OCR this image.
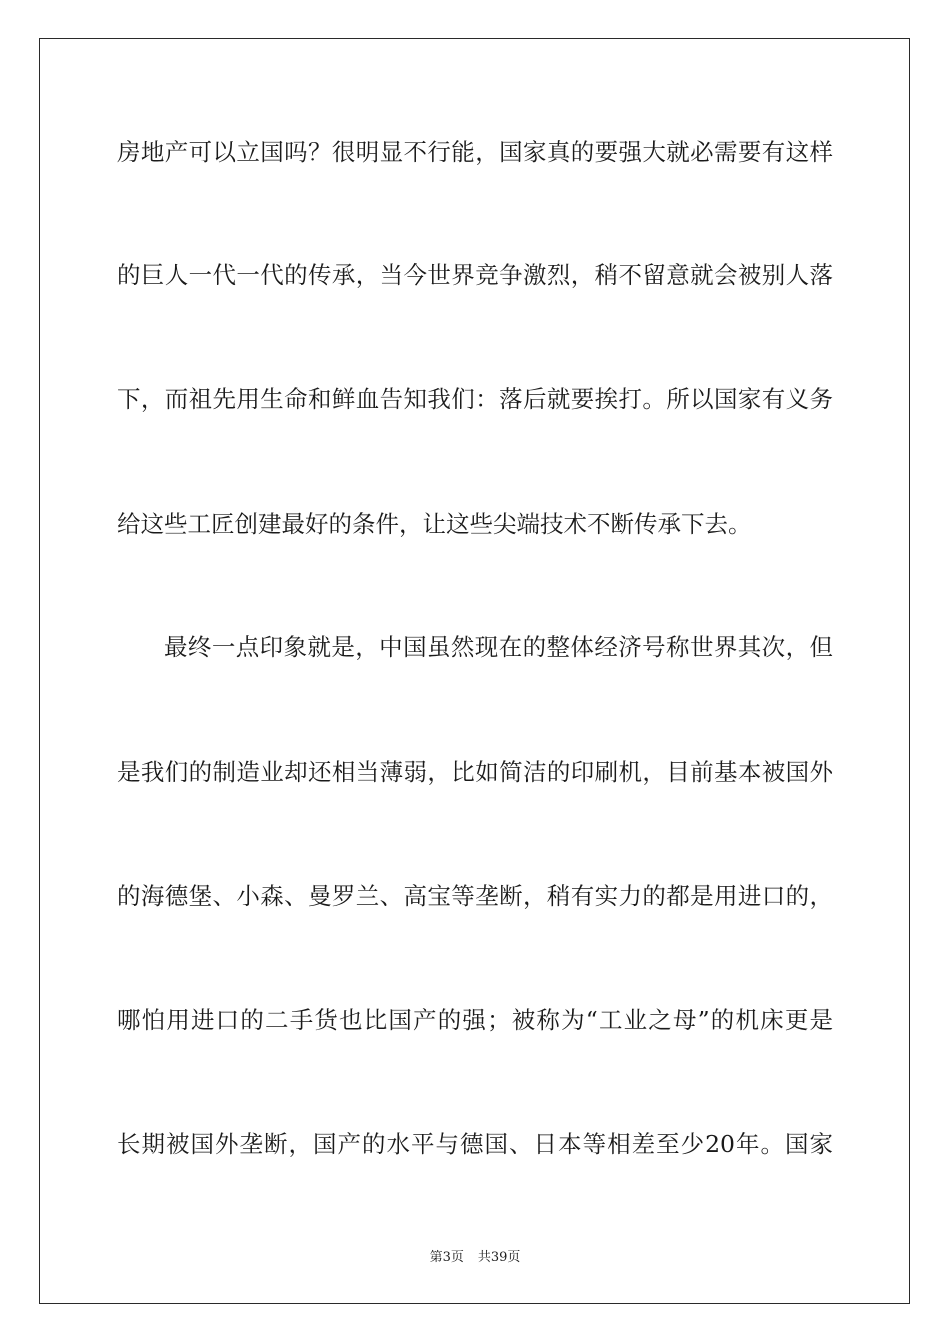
房地产可以立国吗？很明显不行能，国家真的要强大就必需要有这样
的巨人一代一代的传承，当今世界竞争激烈，稍不留意就会被别人落
下，而祖先用生命和鲜血告知我们：落后就要挨打。所以国家有义务
给这些工匠创建最好的条件，让这些尖端技术不断传承下去。
最终一点印象就是，中国虽然现在的整体经济号称世界其次，但
是我们的制造业却还相当薄弱，比如简洁的印刷机，目前基本被国外
的海德堡、小森、曼罗兰、高宝等垄断，稍有实力的都是用进口的，
哪怕用进口的二手货也比国产的强；被称为“工业之母”的机床更是
长期被国外垄断，国产的水平与德国、日本等相差至少20年。国家
第3页 共39页
